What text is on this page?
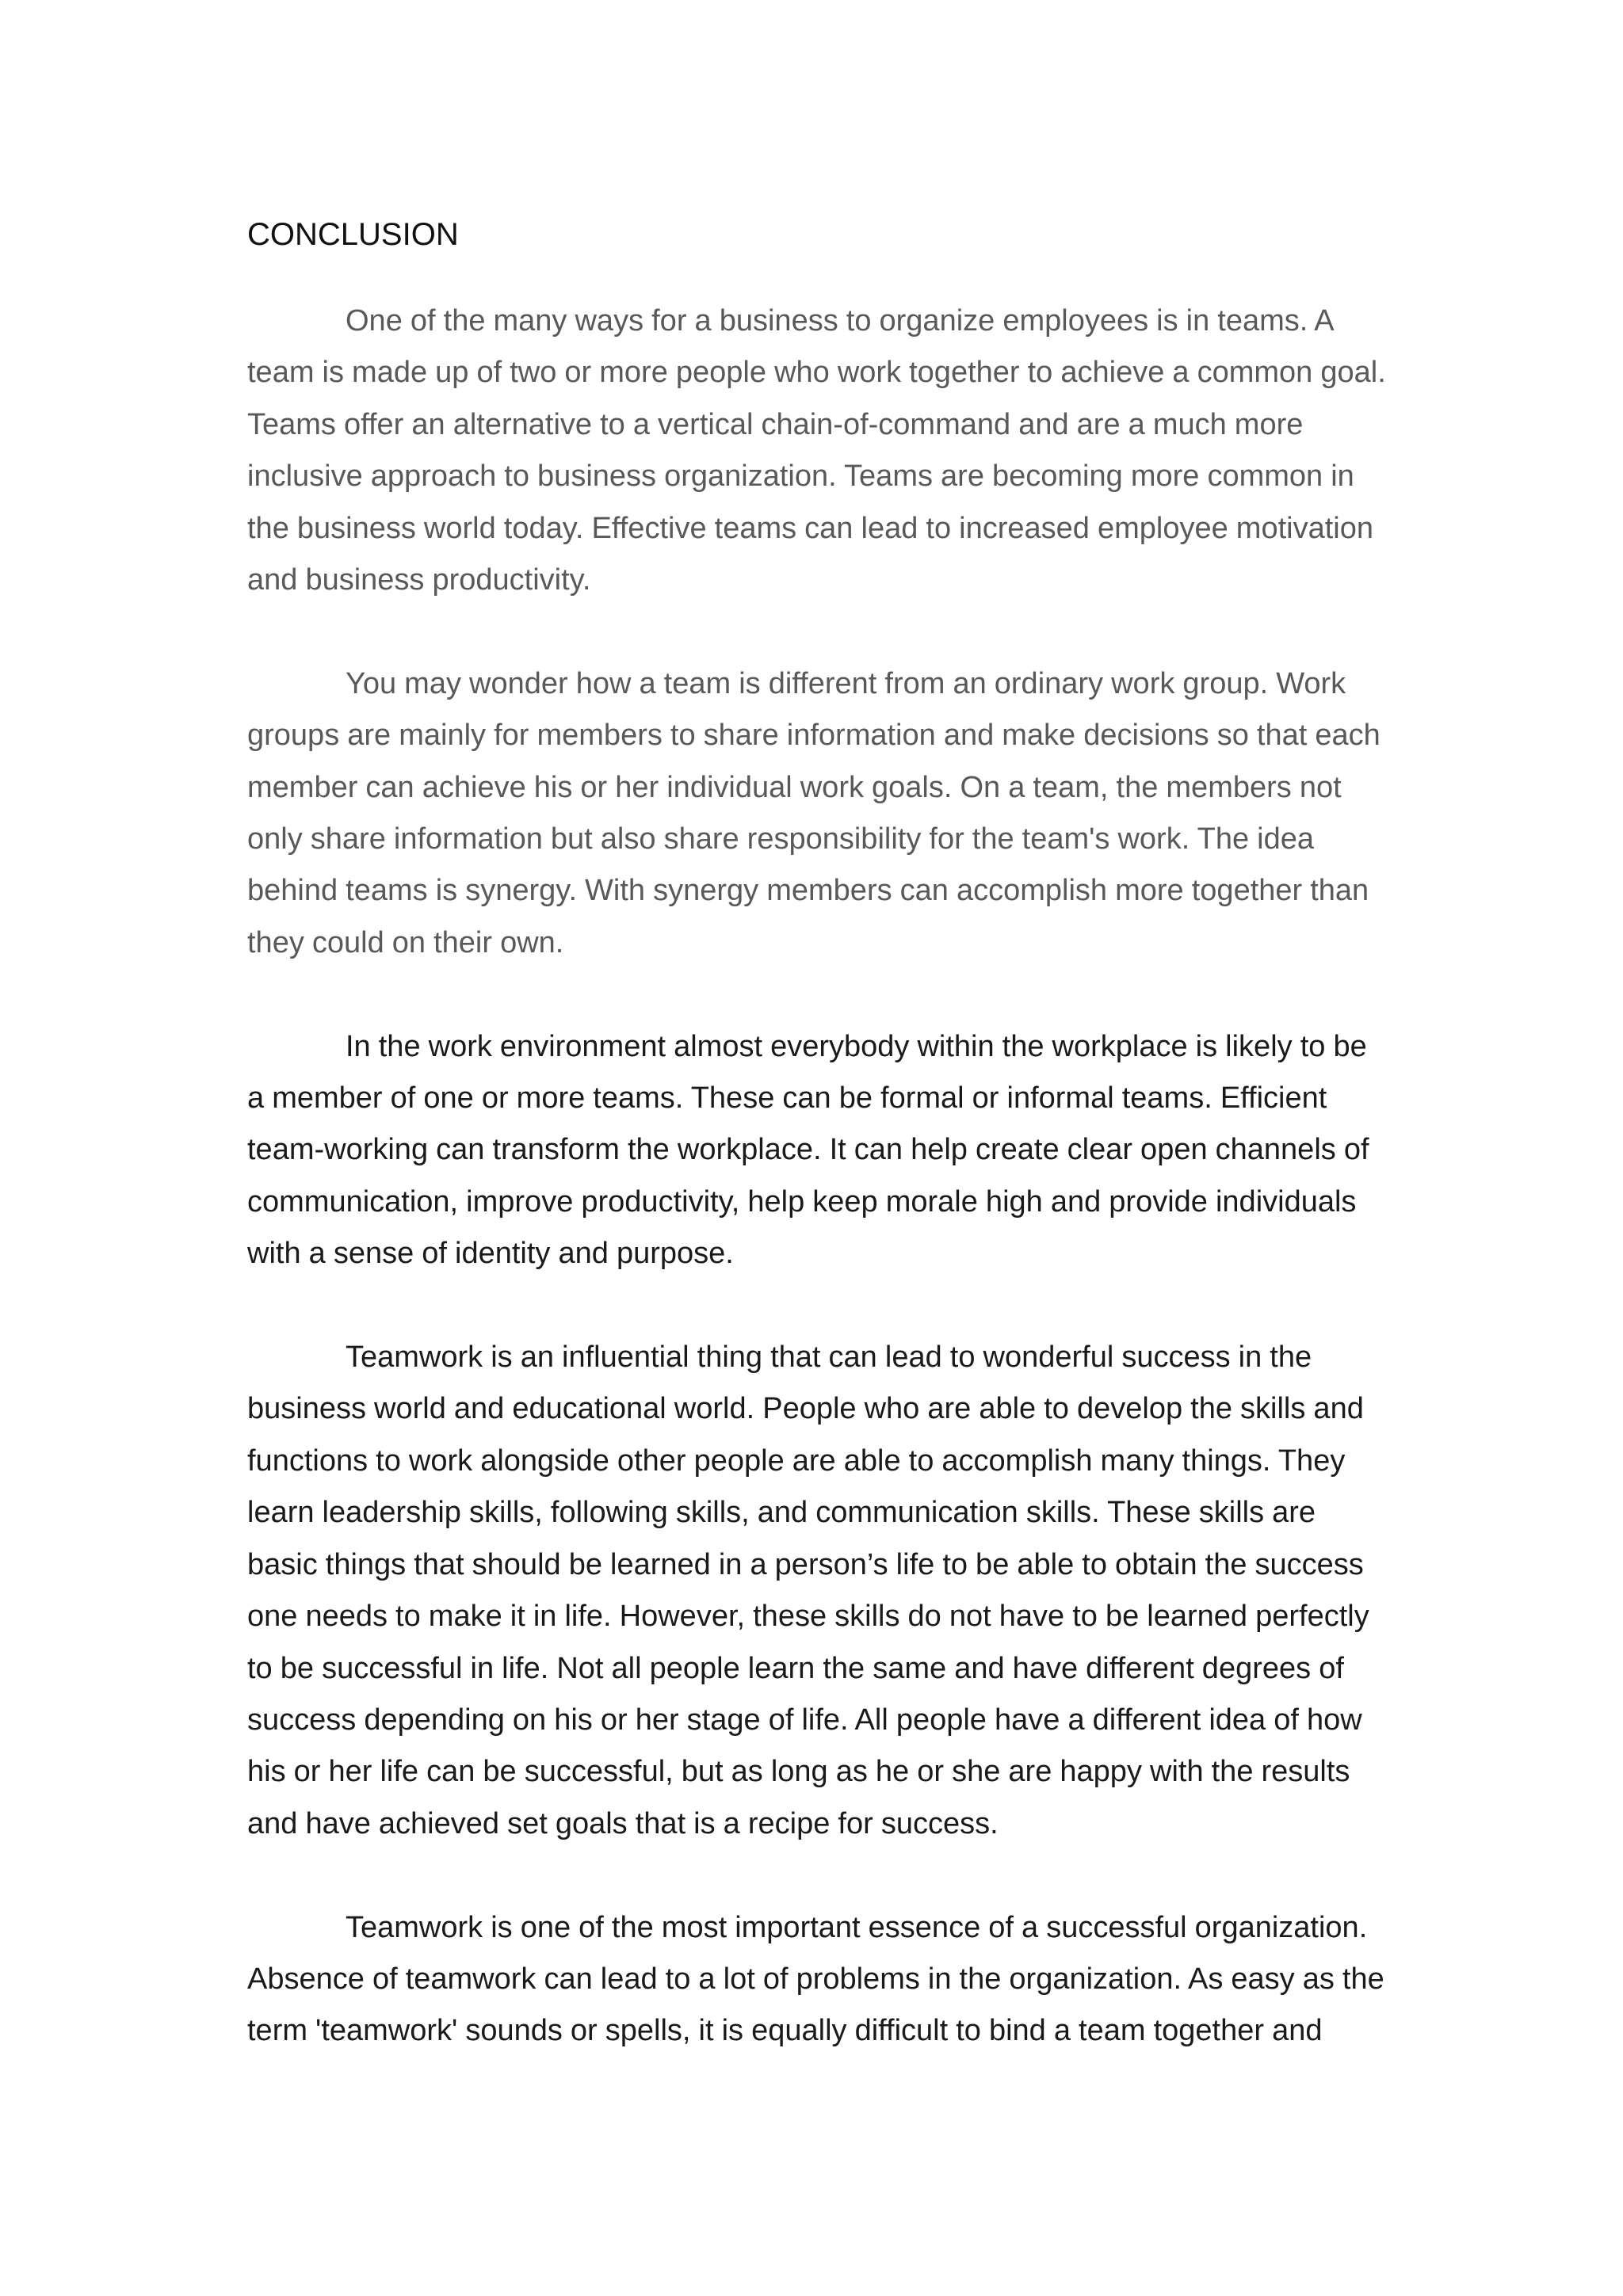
CONCLUSION

One of the many ways for a business to organize employees is in teams. A team is made up of two or more people who work together to achieve a common goal. Teams offer an alternative to a vertical chain-of-command and are a much more inclusive approach to business organization. Teams are becoming more common in the business world today. Effective teams can lead to increased employee motivation and business productivity.

You may wonder how a team is different from an ordinary work group. Work groups are mainly for members to share information and make decisions so that each member can achieve his or her individual work goals. On a team, the members not only share information but also share responsibility for the team's work. The idea behind teams is synergy. With synergy members can accomplish more together than they could on their own.

In the work environment almost everybody within the workplace is likely to be a member of one or more teams. These can be formal or informal teams. Efficient team-working can transform the workplace. It can help create clear open channels of communication, improve productivity, help keep morale high and provide individuals with a sense of identity and purpose.

Teamwork is an influential thing that can lead to wonderful success in the business world and educational world. People who are able to develop the skills and functions to work alongside other people are able to accomplish many things. They learn leadership skills, following skills, and communication skills. These skills are basic things that should be learned in a person’s life to be able to obtain the success one needs to make it in life. However, these skills do not have to be learned perfectly to be successful in life. Not all people learn the same and have different degrees of success depending on his or her stage of life. All people have a different idea of how his or her life can be successful, but as long as he or she are happy with the results and have achieved set goals that is a recipe for success.

Teamwork is one of the most important essence of a successful organization. Absence of teamwork can lead to a lot of problems in the organization. As easy as the term 'teamwork' sounds or spells, it is equally difficult to bind a team together and
